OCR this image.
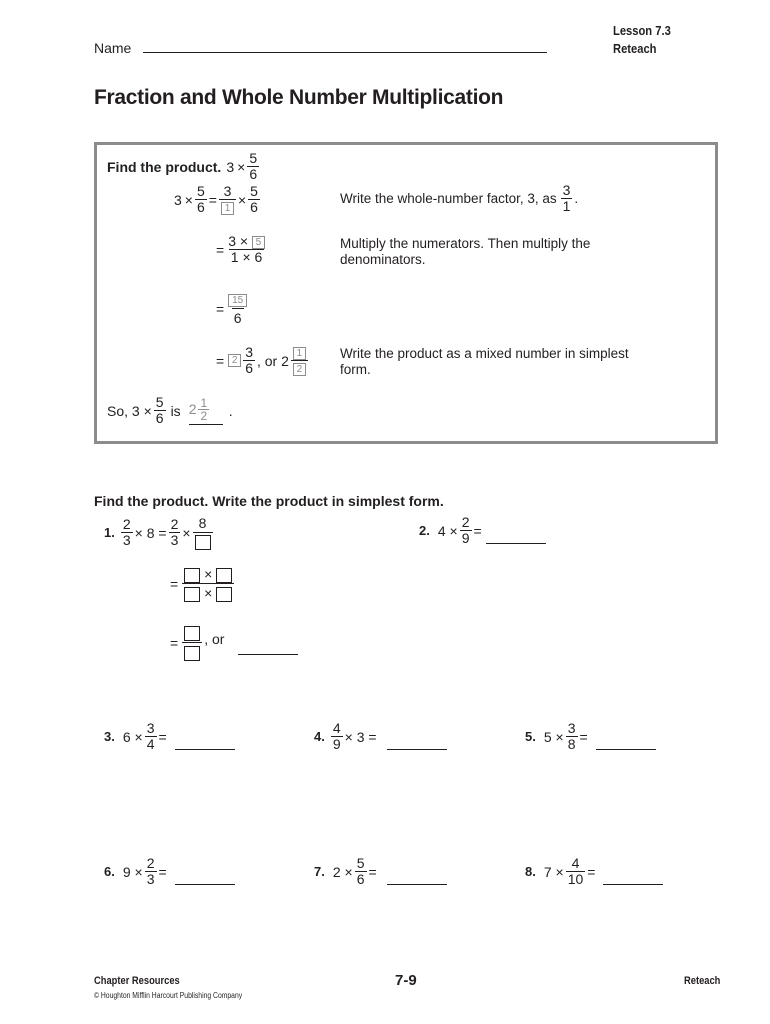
Lesson 7.3
Reteach
Name
Fraction and Whole Number Multiplication
Find the product. $3 \times \frac{5}{6}$
$3 \times \frac{5}{6} = \frac{3}{1} \times \frac{5}{6}$	Write the whole-number factor, 3, as $\frac{3}{1}$ .
= $\frac{3 \times 5}{1 \times 6}$	Multiply the numerators. Then multiply the denominators.
= $\frac{15}{6}$
= $2 \frac{3}{6}$ , or $2 \frac{1}{2}$ Write the product as a mixed number in simplest form.
So, $3 \times \frac{5}{6}$ is $2 \frac{1}{2}$ .
Find the product. Write the product in simplest form.
1. $\frac{2}{3} \times 8 = \frac{2}{3}$ ×
8
= $\frac{\times}{\times}$
= , or
2. $4 \times \frac{2}{9}$ =
3. $6 \times \frac{3}{4}$ =	4. $\frac{4}{9} \times 3$ =	5. $5 \times \frac{3}{8}$ =
6. $9 \times \frac{2}{3}$ =	7. $2 \times \frac{5}{6}$ =	8. $7 \times \frac{4}{10}$ =
Chapter Resources
© Houghton Mifflin Harcourt Publishing Company
7-9	Reteach
